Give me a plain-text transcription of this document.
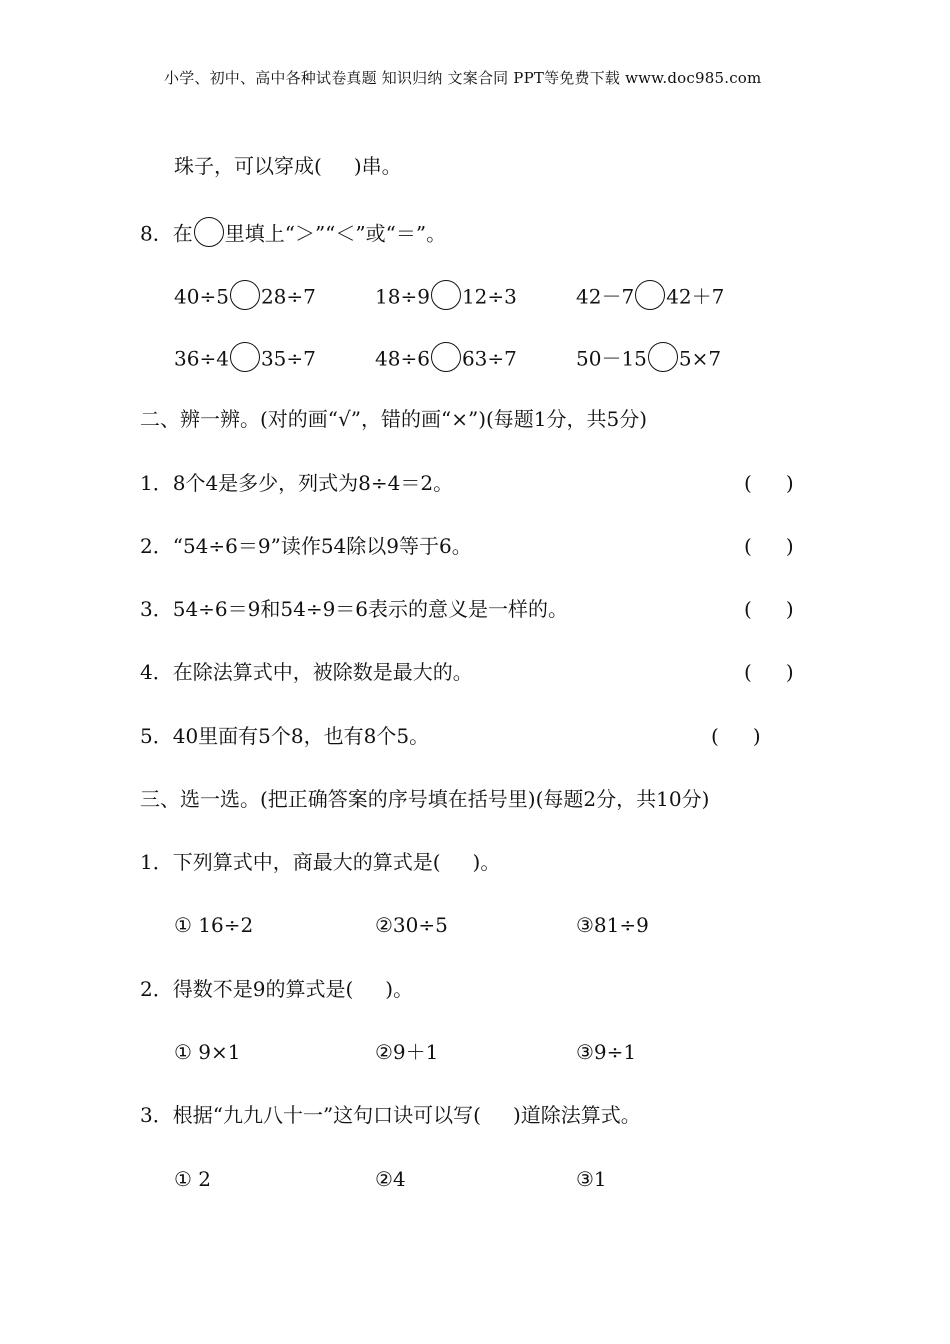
小学、初中、高中各种试卷真题 知识归纳 文案合同 PPT等免费下载 www.doc985.com
珠子，可以穿成( )串。
8．在 里填上“＞”“＜”或“＝”。
40÷5 28÷7	18÷9 12÷3	42－7 42＋7
36÷4 35÷7	48÷6 63÷7	50－15 5×7
二、辨一辨。(对的画“√”，错的画“×”)(每题1分，共5分)
1．8个4是多少，列式为8÷4＝2。	( )
2．“54÷6＝9”读作54除以9等于6。	( )
3．54÷6＝9和54÷9＝6表示的意义是一样的。	( )
4．在除法算式中，被除数是最大的。	( )
5．40里面有5个8，也有8个5。	( )
三、选一选。(把正确答案的序号填在括号里)(每题2分，共10分)
1．下列算式中，商最大的算式是( )。
① 16÷2	②30÷5	③81÷9
2．得数不是9的算式是( )。
① 9×1	②9＋1	③9÷1
3．根据“九九八十一”这句口诀可以写( )道除法算式。
① 2	②4	③1
